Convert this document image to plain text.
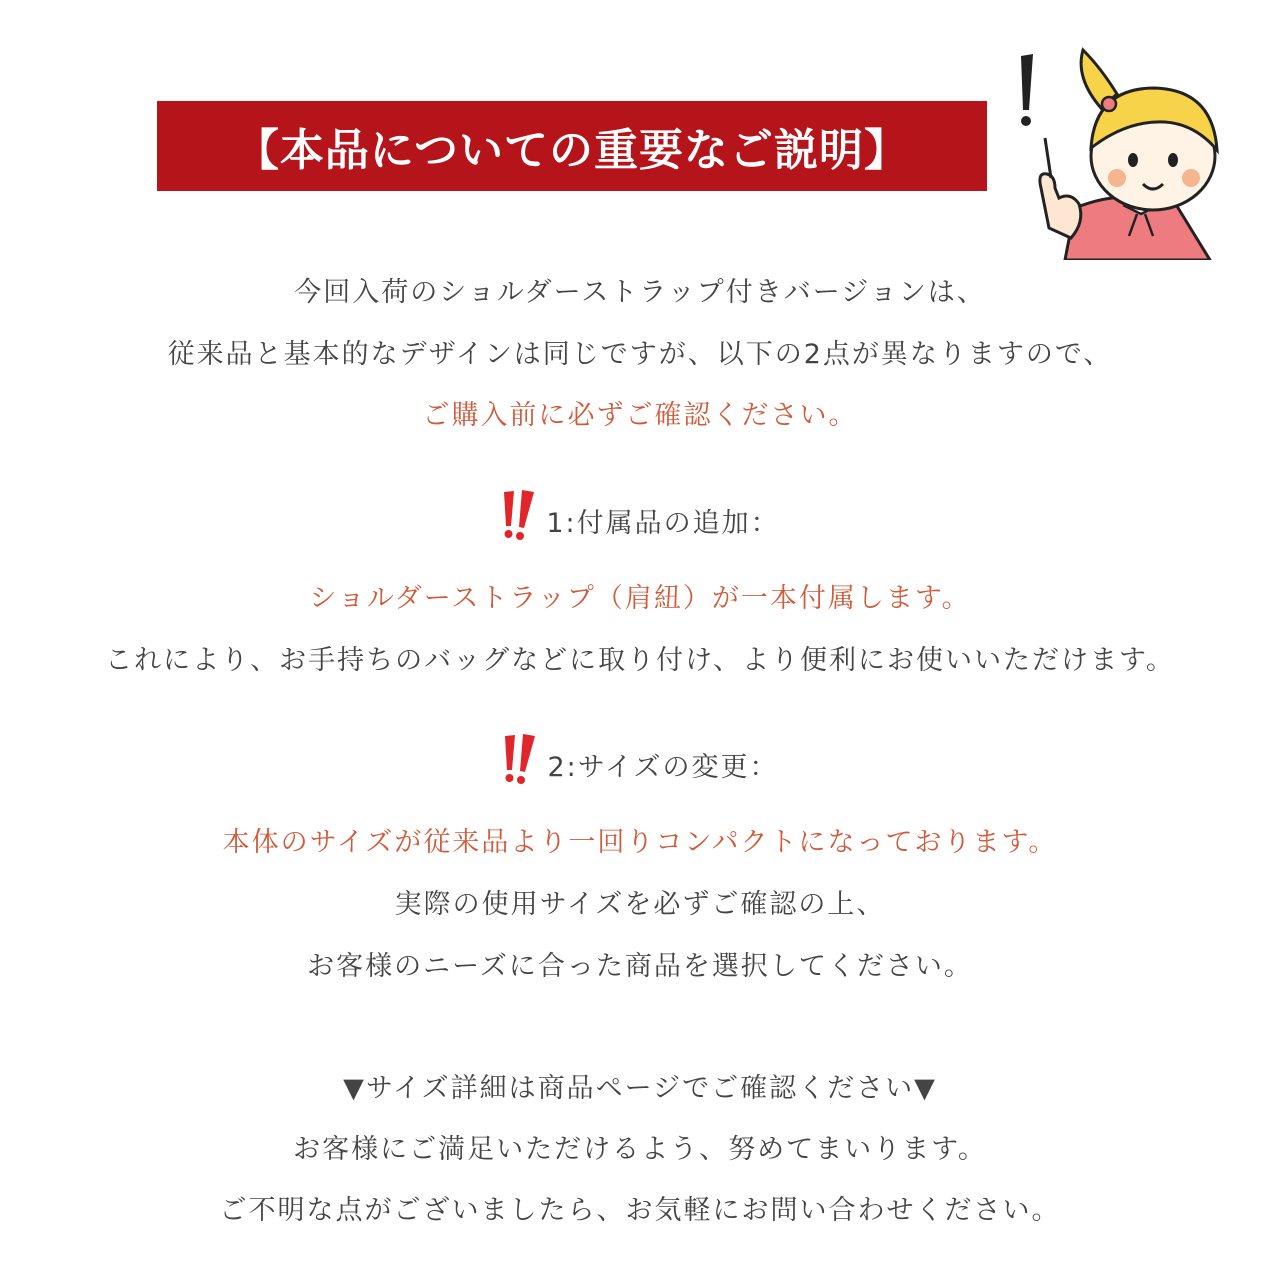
【本品についての重要なご説明】
今回入荷のショルダーストラップ付きバージョンは、
従来品と基本的なデザインは同じですが、以下の2点が異なりますので、
ご購入前に必ずご確認ください。
1:付属品の追加：
ショルダーストラップ（肩紐）が一本付属します。
これにより、お手持ちのバッグなどに取り付け、より便利にお使いいただけます。
2:サイズの変更：
本体のサイズが従来品より一回りコンパクトになっております。
実際の使用サイズを必ずご確認の上、
お客様のニーズに合った商品を選択してください。
▼サイズ詳細は商品ページでご確認ください▼
お客様にご満足いただけるよう、努めてまいります。
ご不明な点がございましたら、お気軽にお問い合わせください。
